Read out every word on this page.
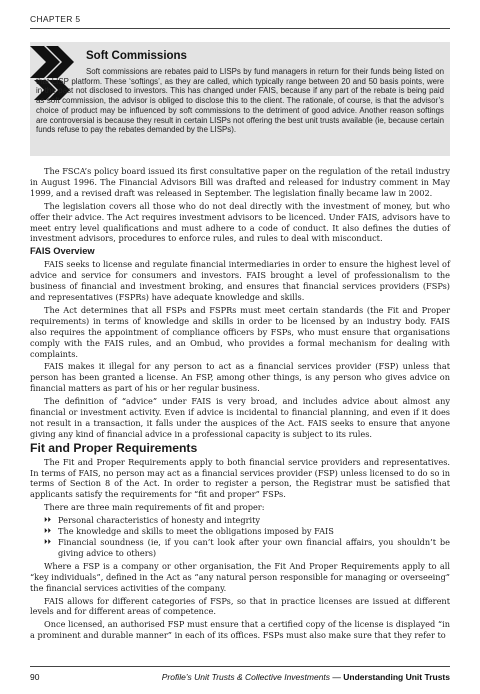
CHAPTER 5
Soft Commissions
Soft commissions are rebates paid to LISPs by fund managers in return for their funds being listed on that LISP platform. These ‘softings’, as they are called, which typically range between 20 and 50 basis points, were in the past not disclosed to investors. This has changed under FAIS, because if any part of the rebate is being paid as soft commission, the advisor is obliged to disclose this to the client. The rationale, of course, is that the advisor’s choice of product may be influenced by soft commissions to the detriment of good advice. Another reason softings are controversial is because they result in certain LISPs not offering the best unit trusts available (ie, because certain funds refuse to pay the rebates demanded by the LISPs).

The FSCA’s policy board issued its first consultative paper on the regulation of the retail industry in August 1996. The Financial Advisors Bill was drafted and released for industry comment in May 1999, and a revised draft was released in September. The legislation finally became law in 2002.

The legislation covers all those who do not deal directly with the investment of money, but who offer their advice. The Act requires investment advisors to be licenced. Under FAIS, advisors have to meet entry level qualifications and must adhere to a code of conduct. It also defines the duties of investment advisors, procedures to enforce rules, and rules to deal with misconduct.

FAIS Overview

FAIS seeks to license and regulate financial intermediaries in order to ensure the highest level of advice and service for consumers and investors. FAIS brought a level of professionalism to the business of financial and investment broking, and ensures that financial services providers (FSPs) and representatives (FSPRs) have adequate knowledge and skills.

The Act determines that all FSPs and FSPRs must meet certain standards (the Fit and Proper requirements) in terms of knowledge and skills in order to be licensed by an industry body. FAIS also requires the appointment of compliance officers by FSPs, who must ensure that organisations comply with the FAIS rules, and an Ombud, who provides a formal mechanism for dealing with complaints.

FAIS makes it illegal for any person to act as a financial services provider (FSP) unless that person has been granted a license. An FSP, among other things, is any person who gives advice on financial matters as part of his or her regular business.

The definition of “advice” under FAIS is very broad, and includes advice about almost any financial or investment activity. Even if advice is incidental to financial planning, and even if it does not result in a transaction, it falls under the auspices of the Act. FAIS seeks to ensure that anyone giving any kind of financial advice in a professional capacity is subject to its rules.

Fit and Proper Requirements

The Fit and Proper Requirements apply to both financial service providers and representatives. In terms of FAIS, no person may act as a financial services provider (FSP) unless licensed to do so in terms of Section 8 of the Act. In order to register a person, the Registrar must be satisfied that applicants satisfy the requirements for “fit and proper” FSPs.

There are three main requirements of fit and proper:

⏵⏵ Personal characteristics of honesty and integrity
⏵⏵ The knowledge and skills to meet the obligations imposed by FAIS
⏵⏵ Financial soundness (ie, if you can’t look after your own financial affairs, you shouldn’t be giving advice to others)

Where a FSP is a company or other organisation, the Fit And Proper Requirements apply to all “key individuals”, defined in the Act as “any natural person responsible for managing or overseeing” the financial services activities of the company.

FAIS allows for different categories of FSPs, so that in practice licenses are issued at different levels and for different areas of competence.

Once licensed, an authorised FSP must ensure that a certified copy of the license is displayed “in a prominent and durable manner” in each of its offices. FSPs must also make sure that they refer to

90	Profile’s Unit Trusts & Collective Investments — Understanding Unit Trusts
